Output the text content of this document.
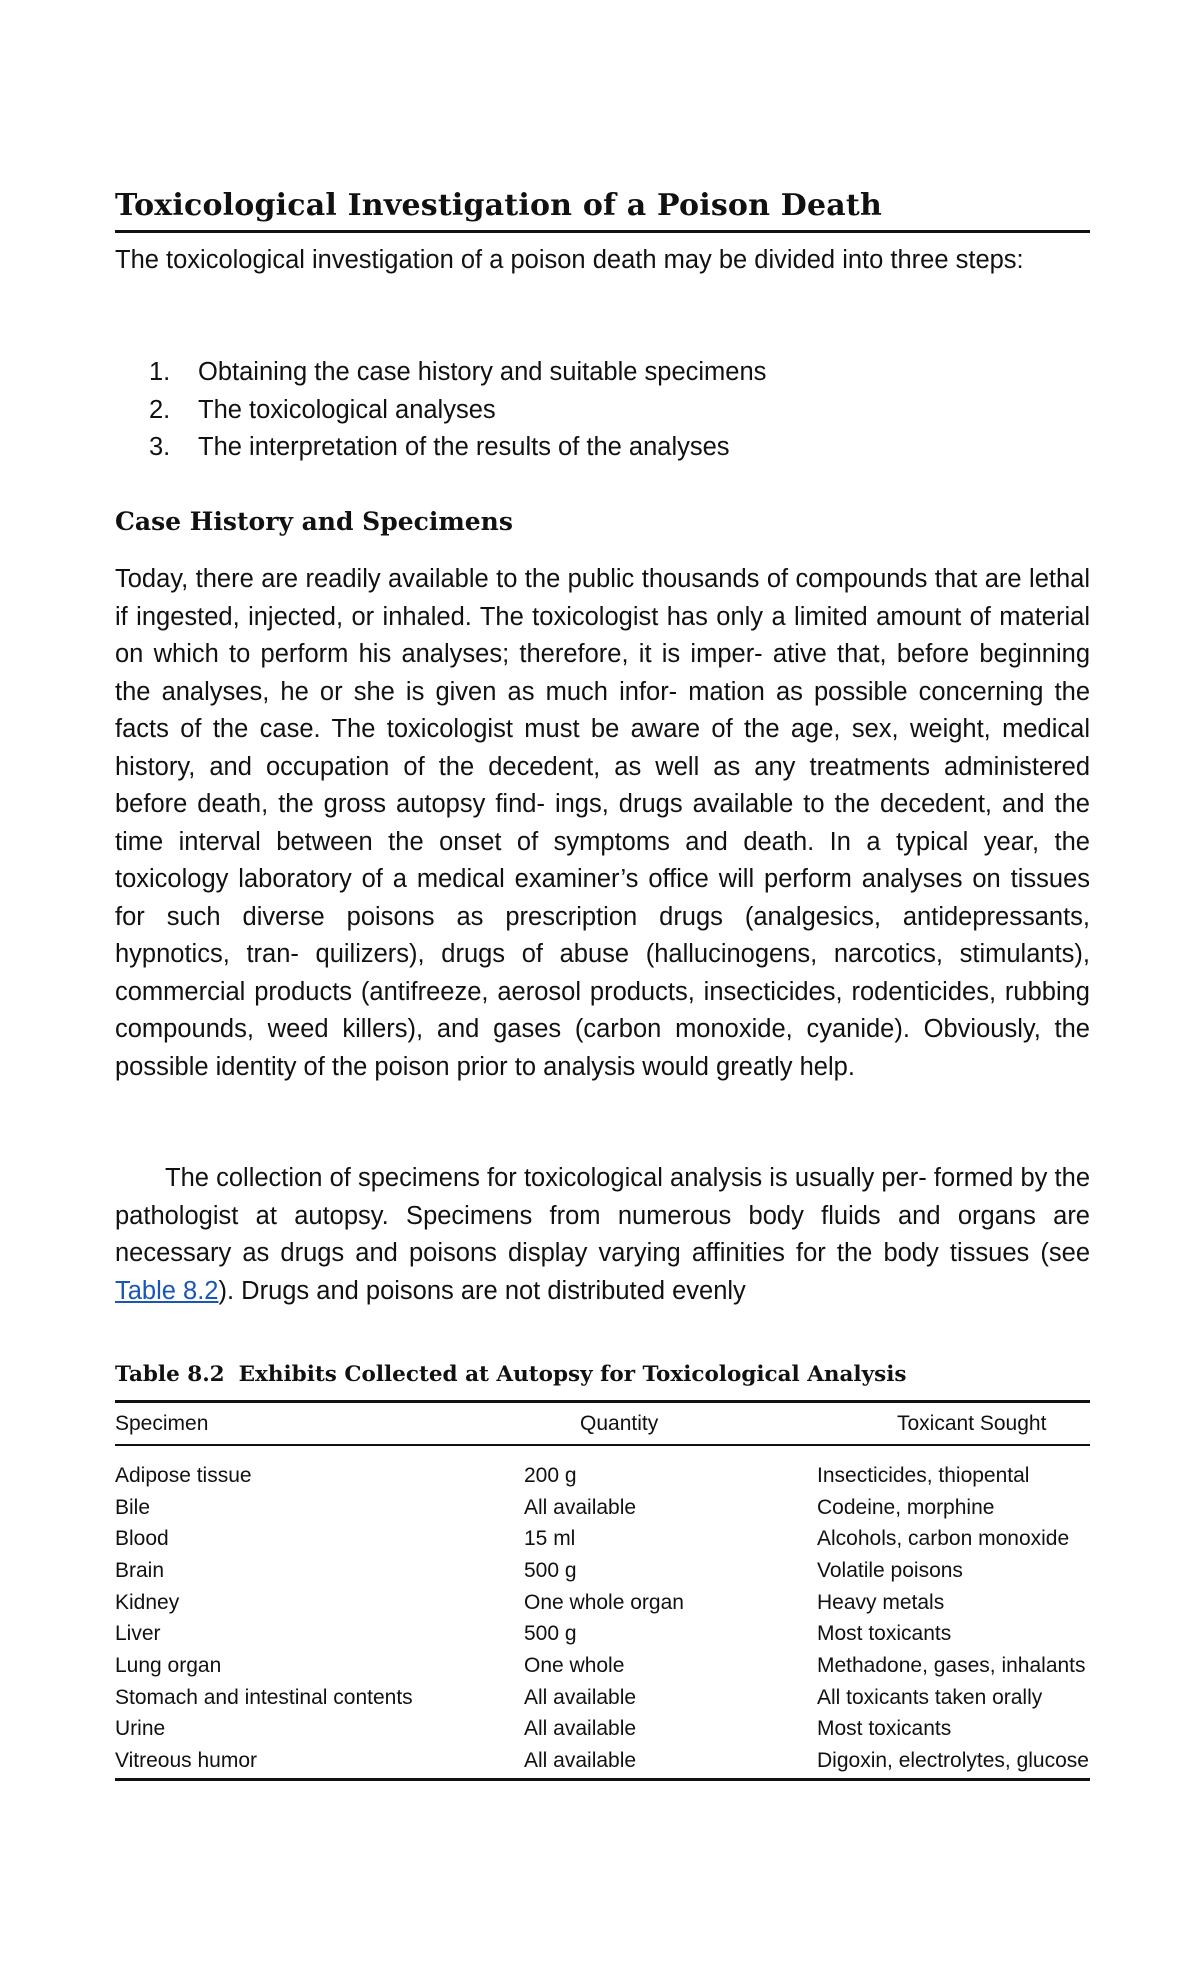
Toxicological Investigation of a Poison Death

The toxicological investigation of a poison death may be divided into three steps:

1. Obtaining the case history and suitable specimens
2. The toxicological analyses
3. The interpretation of the results of the analyses
Case History and Specimens

Today, there are readily available to the public thousands of compounds that are lethal if ingested, injected, or inhaled. The toxicologist has only a limited amount of material on which to perform his analyses; therefore, it is imper- ative that, before beginning the analyses, he or she is given as much infor- mation as possible concerning the facts of the case. The toxicologist must be aware of the age, sex, weight, medical history, and occupation of the decedent, as well as any treatments administered before death, the gross autopsy find- ings, drugs available to the decedent, and the time interval between the onset of symptoms and death. In a typical year, the toxicology laboratory of a medical examiner’s office will perform analyses on tissues for such diverse poisons as prescription drugs (analgesics, antidepressants, hypnotics, tran- quilizers), drugs of abuse (hallucinogens, narcotics, stimulants), commercial products (antifreeze, aerosol products, insecticides, rodenticides, rubbing compounds, weed killers), and gases (carbon monoxide, cyanide). Obviously, the possible identity of the poison prior to analysis would greatly help.

The collection of specimens for toxicological analysis is usually per- formed by the pathologist at autopsy. Specimens from numerous body fluids and organs are necessary as drugs and poisons display varying affinities for the body tissues (see Table 8.2). Drugs and poisons are not distributed evenly

Table 8.2 Exhibits Collected at Autopsy for Toxicological Analysis

Specimen	Quantity	Toxicant Sought
Adipose tissue	200 g	Insecticides, thiopental
Bile	All available	Codeine, morphine
Blood	15 ml	Alcohols, carbon monoxide
Brain	500 g	Volatile poisons
Kidney	One whole organ	Heavy metals
Liver	500 g	Most toxicants
Lung organ	One whole	Methadone, gases, inhalants
Stomach and intestinal contents	All available	All toxicants taken orally
Urine	All available	Most toxicants
Vitreous humor	All available	Digoxin, electrolytes, glucose
